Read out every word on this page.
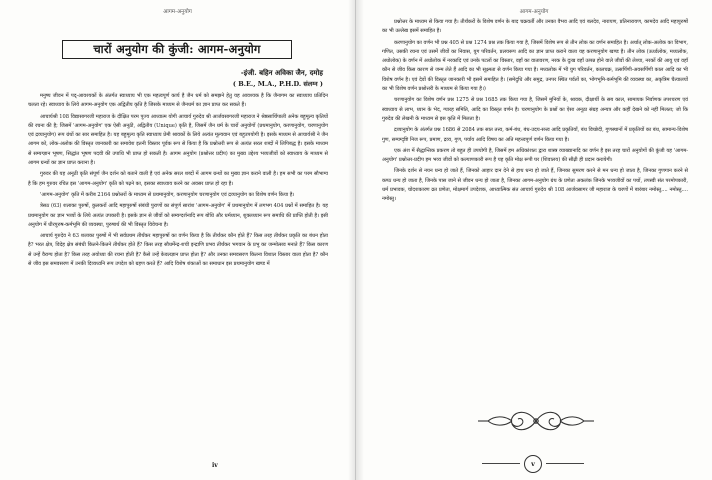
आगम-अनुयोग
चारों अनुयोग की कुंजी: आगम-अनुयोग
-इंजी. बहिन अविका जैन, दमोह
( B.E., M.A., P.H.D. संलग्न )

मनुष्य जीवन में पद्-आवश्यकों के अंतर्गत स्वाध्याय भी एक महत्वपूर्ण कार्य है जैन धर्म को समझने हेतु यह आवश्यक है कि जैनागम का स्वाध्याय प्रतिदिन चलता रहे। स्वाध्याय के लिये आगम-अनुयोग एक अद्वितीय कृति है जिसके माध्यम से जैनधर्म का ज्ञान प्राप्त कर सकते हैं।

आचार्यश्री 108 विद्यासागरजी महाराज के दीक्षित परम पूज्य आध्यात्म योगी आचार्य गुरुदेव श्री आर्जवसागरजी महाराज ने श्रेष्ठसार्थिपाली अनेक बहुमूल्य कृतियों की रचना की है; जिसमें 'आगम-अनुयोग' एक ऐसी अनूठी, अद्वितीय (Unique) कृति है, जिसमें जैन धर्म के चारों अनुयोगों (प्रथमानुयोग, करणानुयोग, चरणानुयोग एवं द्रव्यानुयोग) रूप ग्रंथों का सार समाहित है। यह बहुमूल्य कृति स्वाध्याय प्रेमी श्रावकों के लिये अत्यंत मूल्यवान एवं बहुउपयोगी है। इसके माध्यम से आचार्यश्री ने जैन आगम को, लोक-अलोक की विस्तृत जानकारी का समावेश इतनी विस्तार पूर्वक रूप से किया है कि प्रश्नोत्तरी रूप से अत्यंत सरल शब्दों में लिपिबद्ध है। इसके माध्यम से सम्यग्ज्ञान भूषण, सिद्धांत भूषण पदवी की उपाधि भी प्राप्त हो सकती है। आगम अनुयोग (प्रश्नोत्तर प्रदीप) का मुख्य उद्देश्य भव्यजीवों को स्वाध्याय के माध्यम से आगम ग्रन्थों का ज्ञान प्राप्त कराना है।

गुरुवर की यह अनूठी कृति संपूर्ण जैन दर्शन को बताने वाली है एवं अनेक सरल शब्दों में आगम ग्रन्थों का मुख्य ज्ञान कराने वाली है। हम सभी का परम सौभाग्य है कि हम गुरुवर रचित इस 'आगम-अनुयोग' कृति को पढ़ने का, इसका स्वाध्याय करने का अवसर प्राप्त हो रहा है।

'आगम-अनुयोग' कृति में करीब 2164 प्रश्नोत्तरों के माध्यम से प्रथमानुयोग, करणानुयोग चरणानुयोग एवं द्रव्यानुयोग का विशेष वर्णन किया है।

त्रेसठ (63) शलाका पुरुषों, कुलकरों आदि महापुरुषों संबंधी पुराणों का संपूर्ण सारांश 'आगम-अनुयोग' में प्रथमानुयोग में लगभग 404 प्रश्नों में समाहित है। यह प्रथमानुयोग का ज्ञान भव्यों के लिये अत्यंत उपकारी है। इसके ज्ञान से जीवों को सम्यग्दर्शनादि रूप बोधि और धर्मध्यान, शुक्लध्यान रूप समाधि की प्राप्ति होती है। इसी अनुयोग में धीरपुरुष-कर्मभूमि की व्यवस्था, पुरुषार्थ की भी विस्तृत विवेचना है।

आचार्य गुरुदेव ने 63 शलाका पुरुषों में भी सर्वप्रथम तीर्थंकर महापुरुषों का वर्णन किया है कि तीर्थंकर कौन होते हैं? किस तरह तीर्थंकर प्रकृति का बंधन होता है? भरत क्षेत्र, विदेह क्षेत्र संबंधी कितने-कितने तीर्थंकर होते हैं? किस तरह सौधर्मेन्द्र-शची इन्द्राणि प्रभव तीर्थंकर भगवान के प्रभु का जन्मोत्सव मनाते हैं? किस कारण से उन्हें वैराग्य होता है? किस तरह अयोध्या की रचना होती है? कैसे उन्हें केवलज्ञान प्राप्त होता है? और उनका समवसरण कितना विशाल विस्तार वाला होता है? कौन से जीव इस समवसरण में उनकी दिव्यध्वनि रूप उपदेश को ग्रहण करते हैं? आदि विशेष शंकाओं का समाधान इस प्रथमानुयोग खण्ड में

iv
आगम-अनुयोग

प्रश्नोत्तर के माध्यम से किया गया है। तीर्थंकरों के विशेष वर्णन के बाद चक्रवर्ती और उनका वैभव आदि एवं बलदेव, नारायण, प्रतिनारायण, कामदेव आदि महापुरुषों का भी उल्लेख इसमें समाहित है।

करणानुयोग का वर्णन भी प्रश्न 405 से प्रश्न 1274 प्रश्न तक किया गया है, जिसमें विशेष रूप से तीन लोक का वर्णन समाहित है। अर्थात् लोक-अलोक का विभाग, गणित, उसकी रचना एवं उसमें जीवों का निवास, युग परिवर्तन, प्रलयरूप आदि का ज्ञान प्राप्त कराने वाला यह करणानुयोग खण्ड है। तीन लोक (ऊर्ध्वलोक, मध्यलोक, अधोलोक) के वर्णन में अधोलोक में नरकादि एवं उनके पटलों का विस्तार, वहाँ का वातावरण, नरक के दुःख वहाँ उत्पन्न होने वाले जीवों की लेश्या, नरकों की आयु एवं वहाँ कौन से जीव किस कारण से जन्म लेते हैं आदि का भी सूक्ष्मता से वर्णन किया गया है। मध्यलोक में भी युग परिवर्तन, कालचक्र, उत्सर्पिणी-अवसर्पिणी काल आदि का भी विशेष वर्णन है। एवं देवों की विस्तृत जानकारी भी इसमें समाहित है। (समेदुधि और समुद्र, उनपर स्थित पर्वतों का, भोगभूमि-कर्मभूमि की व्यवस्था का, अकृत्रिम चैत्यालयों का भी विशेष वर्णन प्रश्नोत्तरी के माध्यम से किया गया है।)

चरणानुयोग का विशेष वर्णन प्रश्न 1275 से प्रश्न 1685 तक किया गया है, जिसमें मुनियों के, श्रावक, दीक्षार्थी के सब काल, सामायक निर्वाणक तपश्चरण एवं स्वाध्याय से लाभ, ध्यान के भेद, ग्यारह समिति, आदि का विस्तृत वर्णन है। चरणानुयोग के प्रश्नों का ऐसा अनूठा संग्रह अन्यत्र और कहीं देखने को नहीं मिलता; जो कि गुरुदेव की लेखनी के माध्यम से इस कृति में मिलता है।

द्रव्यानुयोग के अंतर्गत प्रश्न 1686 से 2084 तक सात तत्त्व, कर्म-बंध, बंध-उदय-सत्त्व आदि प्रकृतियाँ, बंध विच्छेदी, गुणस्थानों में प्रकृतियों का बंध, सामान्य-विशेष गुण, सम्यग्दृष्टि निज रूप, प्रमाण, द्रव्य, गुण, पर्याय आदि विषय का अति महत्त्वपूर्ण वर्णन किया गया है।

एक अंश में सैद्धान्तिक प्रकरण तो बहुत ही उपयोगी है, जिसमें हम अधिकांशतः द्वारा शास्त्र व्याख्यानादि का वर्णन है इस तरह चारों अनुयोगों की कुंजी यह 'आगम-अनुयोग' प्रश्नोत्तर-प्रदीप हम भव्य जीवों को कल्याणकारी रूप है यह कृति मोक्ष रूपी घर (शिवालय) की सीढ़ी ही प्रदान करायेगी।

जिनके दर्शन से नयन धन्य हो जाते हैं, जिनको आहार दान देने से हाथ धन्य हो जाते हैं, जिनका सुमरण करने से मन धन्य हो जाता है, जिनका गुणगान करने से कण्ठ धन्य हो जाता है, जिनके पास जाने से जीवन धन्य हो जाता है, जिनका आगम-अनुयोग ग्रंथ के प्रणेता अकलंक जिनके भव्यजीवों का पथों, तपस्वी संत परमोपकारी, धर्म प्रभावक, चोदशकारण व्रत प्रणेता, मोक्षमार्ग उपदेशक, आध्यात्मिक संत आचार्य गुरुदेव श्री 108 आर्जवसागर जी महाराज के चरणों में बारंबार नमोस्तु.... नमोस्तु.... नमोस्तु।

v
